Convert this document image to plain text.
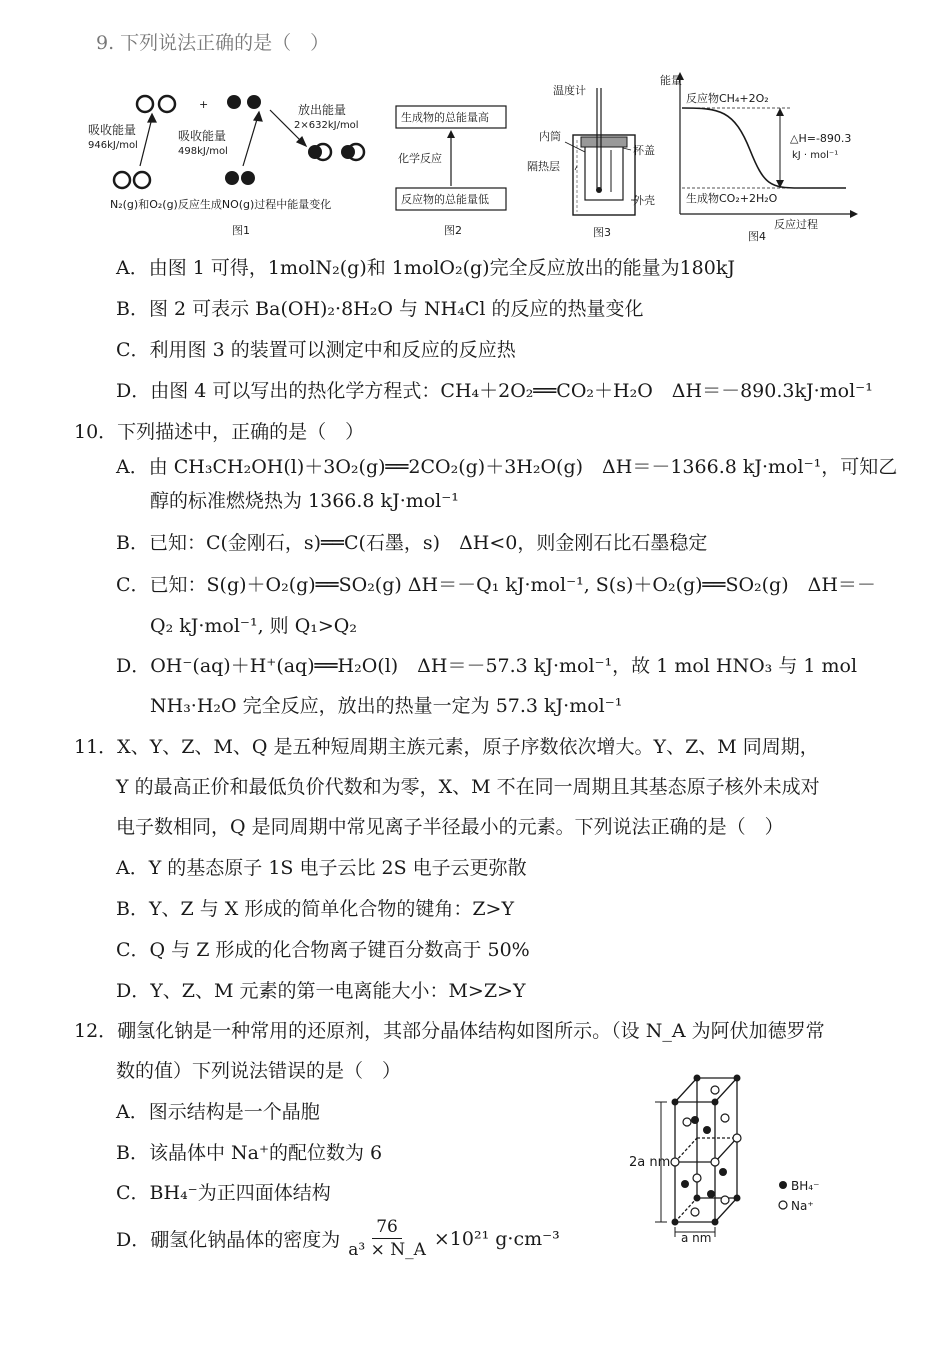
9. 下列说法正确的是（　）
+
吸收能量
946kJ/mol
吸收能量
498kJ/mol
放出能量
2×632kJ/mol
N₂(g)和O₂(g)反应生成NO(g)过程中能量变化
图1
生成物的总能量高
化学反应
反应物的总能量低
图2
温度计
内筒
隔热层
杯盖
外壳
图3
能量
反应物CH₄+2O₂
△H=-890.3
kJ · mol⁻¹
生成物CO₂+2H₂O
反应过程
图4
A．由图 1 可得，1molN₂(g)和 1molO₂(g)完全反应放出的能量为180kJ
B．图 2 可表示 Ba(OH)₂·8H₂O 与 NH₄Cl 的反应的热量变化
C．利用图 3 的装置可以测定中和反应的反应热
D．由图 4 可以写出的热化学方程式：CH₄＋2O₂══CO₂＋H₂O　ΔH＝－890.3kJ·mol⁻¹
10．下列描述中，正确的是（　）
A．由 CH₃CH₂OH(l)＋3O₂(g)══2CO₂(g)＋3H₂O(g)　ΔH＝－1366.8 kJ·mol⁻¹，可知乙
醇的标准燃烧热为 1366.8 kJ·mol⁻¹
B．已知：C(金刚石，s)══C(石墨，s)　ΔH<0，则金刚石比石墨稳定
C．已知：S(g)＋O₂(g)══SO₂(g) ΔH＝－Q₁ kJ·mol⁻¹, S(s)＋O₂(g)══SO₂(g)　ΔH＝－
Q₂ kJ·mol⁻¹, 则 Q₁>Q₂
D．OH⁻(aq)＋H⁺(aq)══H₂O(l)　ΔH＝－57.3 kJ·mol⁻¹，故 1 mol HNO₃ 与 1 mol
NH₃·H₂O 完全反应，放出的热量一定为 57.3 kJ·mol⁻¹
11．X、Y、Z、M、Q 是五种短周期主族元素，原子序数依次增大。Y、Z、M 同周期，
Y 的最高正价和最低负价代数和为零，X、M 不在同一周期且其基态原子核外未成对
电子数相同，Q 是同周期中常见离子半径最小的元素。下列说法正确的是（　）
A．Y 的基态原子 1S 电子云比 2S 电子云更弥散
B．Y、Z 与 X 形成的简单化合物的键角：Z>Y
C．Q 与 Z 形成的化合物离子键百分数高于 50%
D．Y、Z、M 元素的第一电离能大小：M>Z>Y
12．硼氢化钠是一种常用的还原剂，其部分晶体结构如图所示。（设 N_A 为阿伏加德罗常
数的值）下列说法错误的是（　）
A．图示结构是一个晶胞
B．该晶体中 Na⁺的配位数为 6
C．BH₄⁻为正四面体结构
D．硼氢化钠晶体的密度为 $\frac{76}{\text{a³ × N\_A}} \times 10^{21}$ g·cm⁻³
2a nm
a nm
BH₄⁻
Na⁺
